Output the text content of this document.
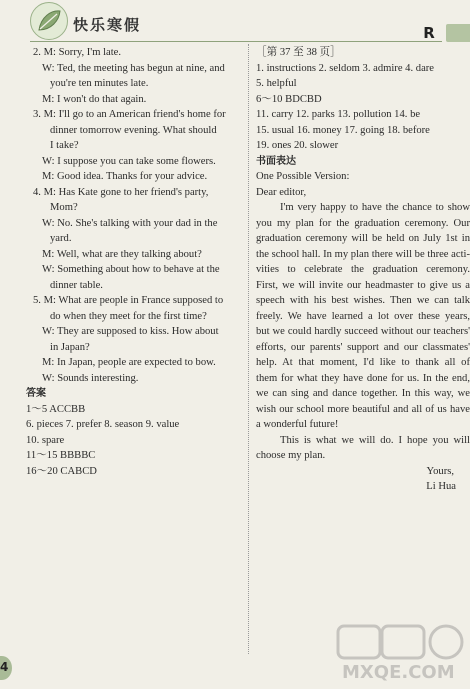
快乐寒假	R
2. M: Sorry, I'm late.
W: Ted, the meeting has begun at nine, and
you're ten minutes late.
M: I won't do that again.
3. M: I'll go to an American friend's home for
dinner tomorrow evening. What should
I take?
W: I suppose you can take some flowers.
M: Good idea. Thanks for your advice.
4. M: Has Kate gone to her friend's party,
Mom?
W: No. She's talking with your dad in the
yard.
M: Well, what are they talking about?
W: Something about how to behave at the
dinner table.
5. M: What are people in France supposed to
do when they meet for the first time?
W: They are supposed to kiss. How about
in Japan?
M: In Japan, people are expected to bow.
W: Sounds interesting.
答案
1～5 ACCBB
6. pieces 7. prefer 8. season 9. value
10. spare
11～15 BBBBC
16～20 CABCD
［第 37 至 38 页］
1. instructions 2. seldom 3. admire 4. dare
5. helpful
6～10 BDCBD
11. carry 12. parks 13. pollution 14. be
15. usual 16. money 17. going 18. before
19. ones 20. slower
书面表达
One Possible Version:
Dear editor,
I'm very happy to have the chance to show
you my plan for the graduation ceremony. Our
graduation ceremony will be held on July 1st in
the school hall. In my plan there will be three acti-
vities to celebrate the graduation ceremony.
First, we will invite our headmaster to give us a
speech with his best wishes. Then we can talk
freely. We have learned a lot over these years,
but we could hardly succeed without our teachers'
efforts, our parents' support and our classmates'
help. At that moment, I'd like to thank all of
them for what they have done for us. In the end,
we can sing and dance together. In this way, we
wish our school more beautiful and all of us have
a wonderful future!
This is what we will do. I hope you will
choose my plan.
Yours,
Li Hua
4	MXQE.COM
